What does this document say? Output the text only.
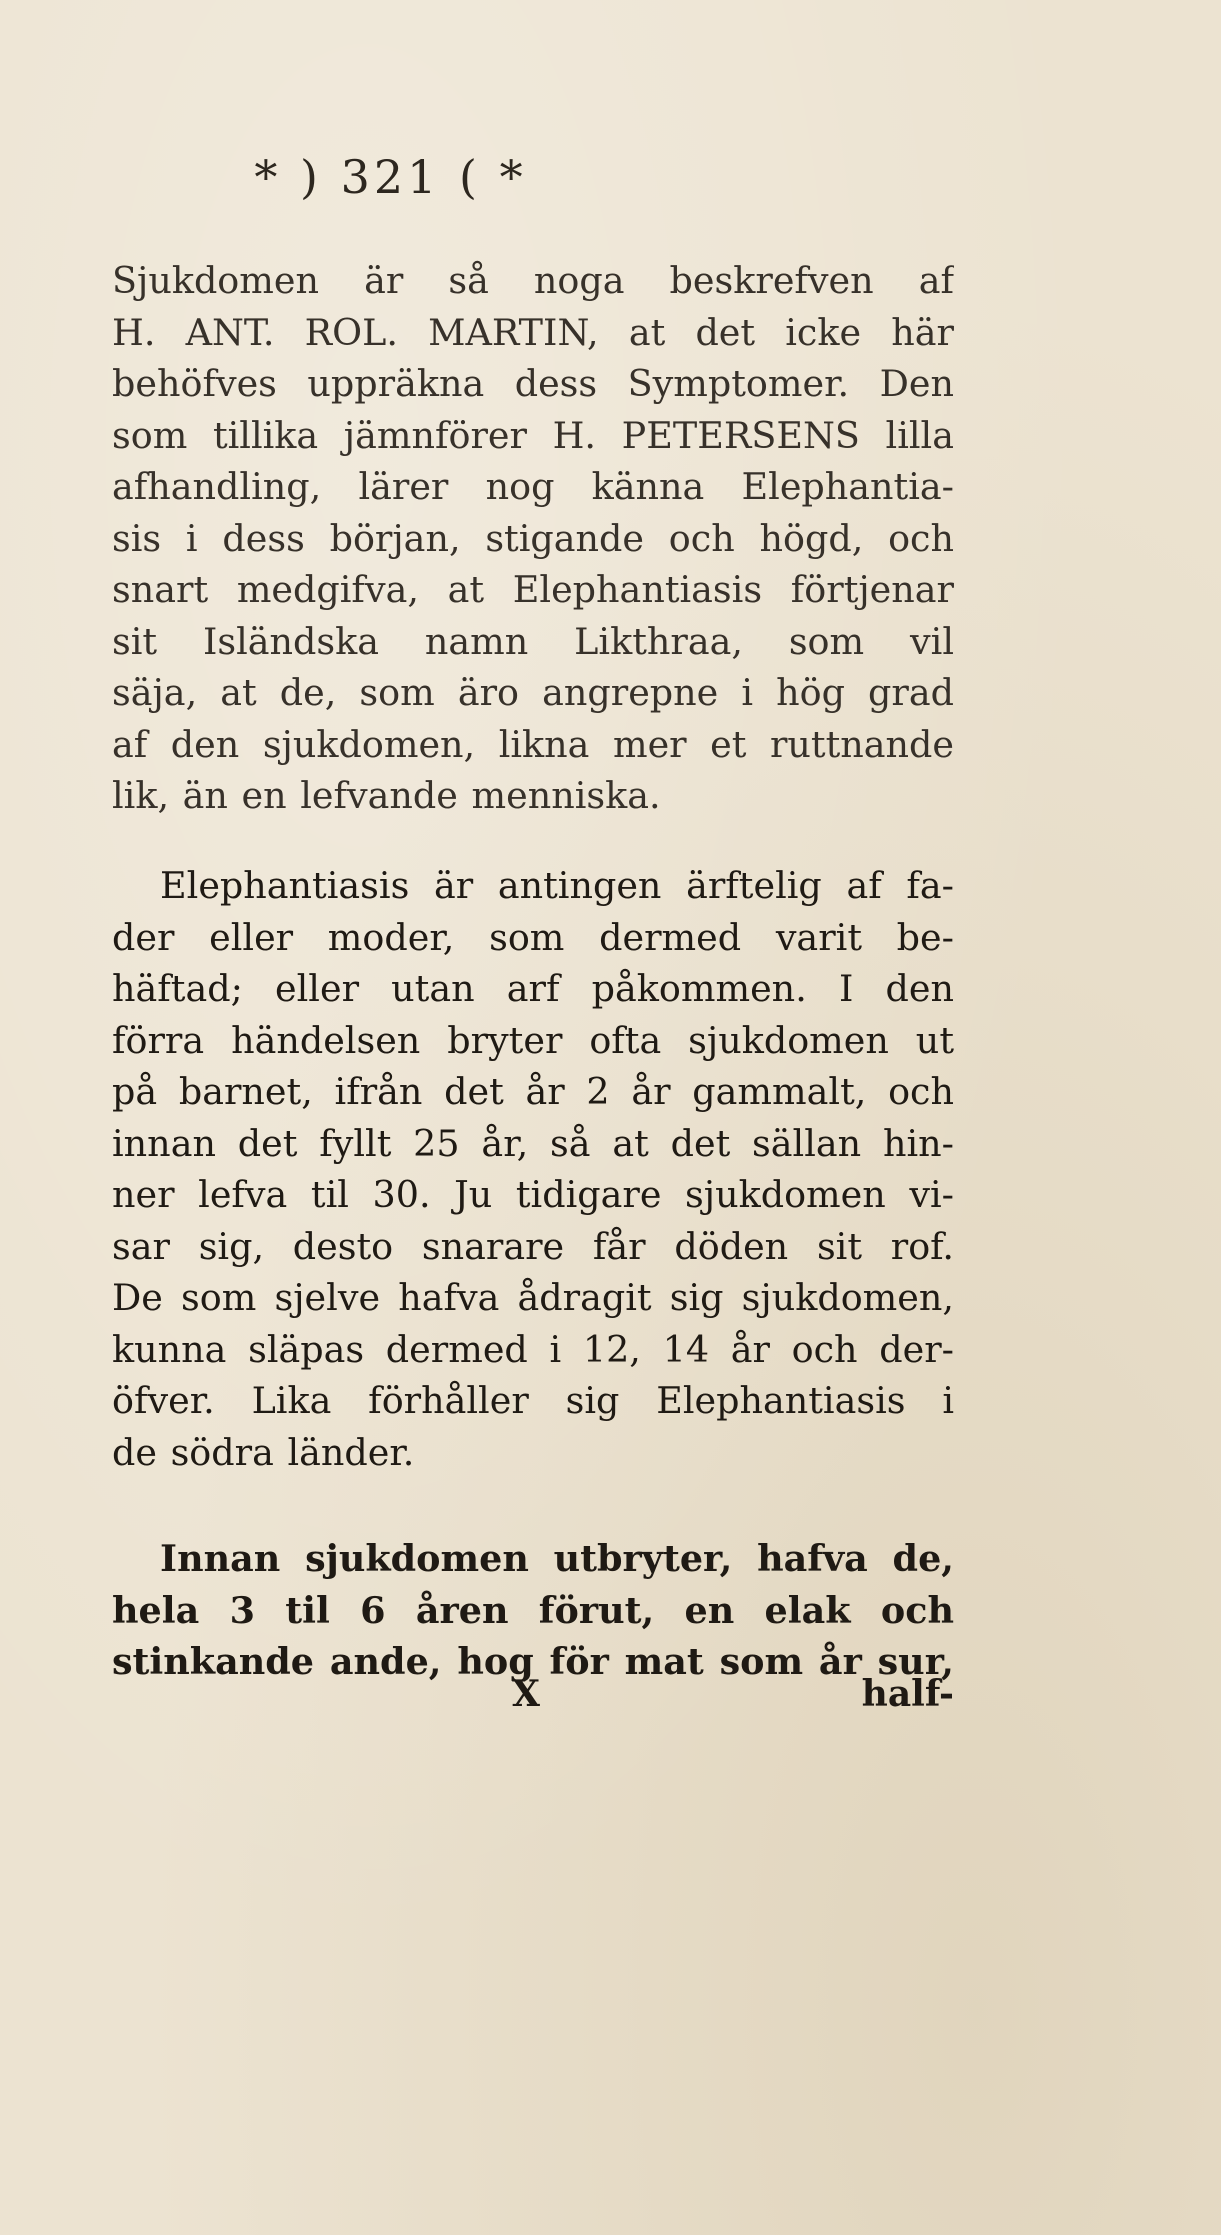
* ) 321 ( *
Sjukdomen är så noga beskrefven af
H. ANT. ROL. MARTIN, at det icke här
behöfves uppräkna dess Symptomer. Den
som tillika jämnförer H. PETERSENS lilla
afhandling, lärer nog känna Elephantia-
sis i dess början, stigande och högd, och
snart medgifva, at Elephantiasis förtjenar
sit Isländska namn Likthraa, som vil
säja, at de, som äro angrepne i hög grad
af den sjukdomen, likna mer et ruttnande
lik, än en lefvande menniska.
Elephantiasis är antingen ärftelig af fa-
der eller moder, som dermed varit be-
häftad; eller utan arf påkommen. I den
förra händelsen bryter ofta sjukdomen ut
på barnet, ifrån det år 2 år gammalt, och
innan det fyllt 25 år, så at det sällan hin-
ner lefva til 30. Ju tidigare sjukdomen vi-
sar sig, desto snarare får döden sit rof.
De som sjelve hafva ådragit sig sjukdomen,
kunna släpas dermed i 12, 14 år och der-
öfver. Lika förhåller sig Elephantiasis i
de södra länder.
Innan sjukdomen utbryter, hafva de,
hela 3 til 6 åren förut, en elak och
stinkande ande, hog för mat som år sur,
X	half-
